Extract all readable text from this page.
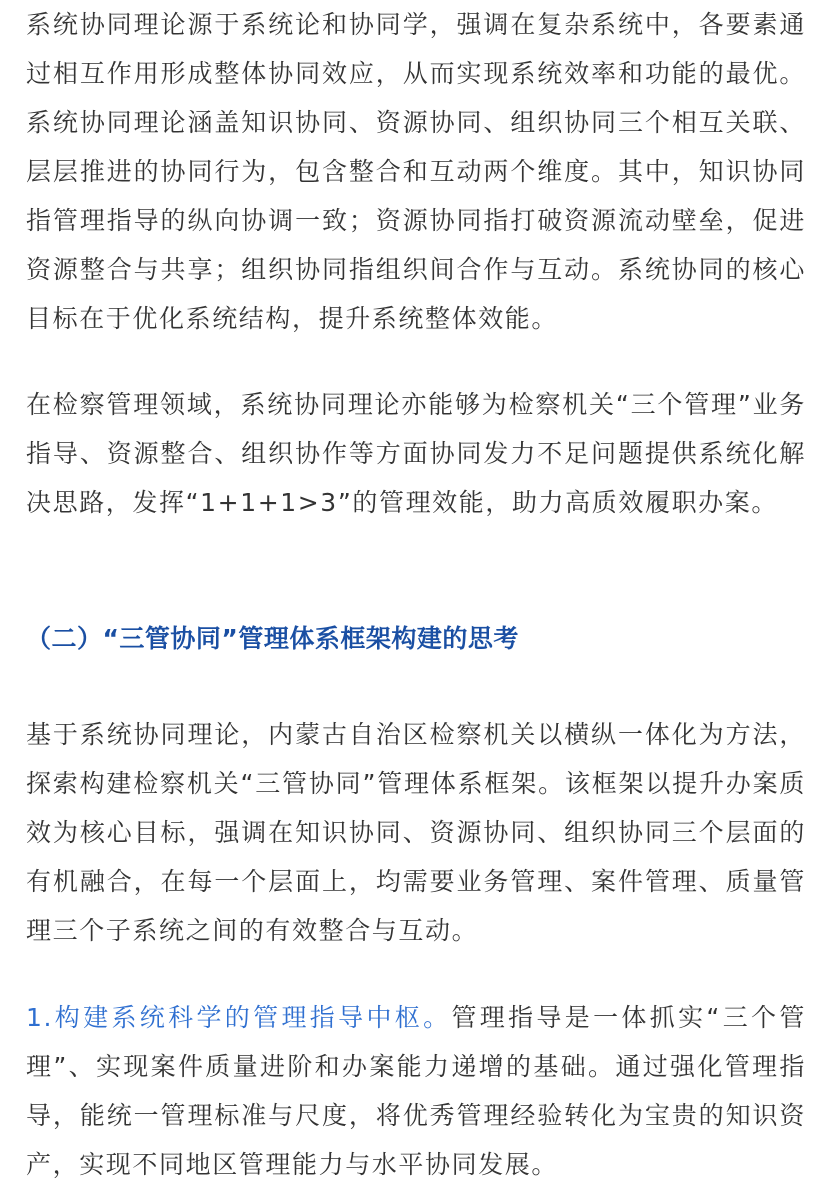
系统协同理论源于系统论和协同学，强调在复杂系统中，各要素通过相互作用形成整体协同效应，从而实现系统效率和功能的最优。系统协同理论涵盖知识协同、资源协同、组织协同三个相互关联、层层推进的协同行为，包含整合和互动两个维度。其中，知识协同指管理指导的纵向协调一致；资源协同指打破资源流动壁垒，促进资源整合与共享；组织协同指组织间合作与互动。系统协同的核心目标在于优化系统结构，提升系统整体效能。

在检察管理领域，系统协同理论亦能够为检察机关“三个管理”业务指导、资源整合、组织协作等方面协同发力不足问题提供系统化解决思路，发挥“1+1+1>3”的管理效能，助力高质效履职办案。

（二）“三管协同”管理体系框架构建的思考

基于系统协同理论，内蒙古自治区检察机关以横纵一体化为方法，探索构建检察机关“三管协同”管理体系框架。该框架以提升办案质效为核心目标，强调在知识协同、资源协同、组织协同三个层面的有机融合，在每一个层面上，均需要业务管理、案件管理、质量管理三个子系统之间的有效整合与互动。

1.构建系统科学的管理指导中枢。管理指导是一体抓实“三个管理”、实现案件质量进阶和办案能力递增的基础。通过强化管理指导，能统一管理标准与尺度，将优秀管理经验转化为宝贵的知识资产，实现不同地区管理能力与水平协同发展。
